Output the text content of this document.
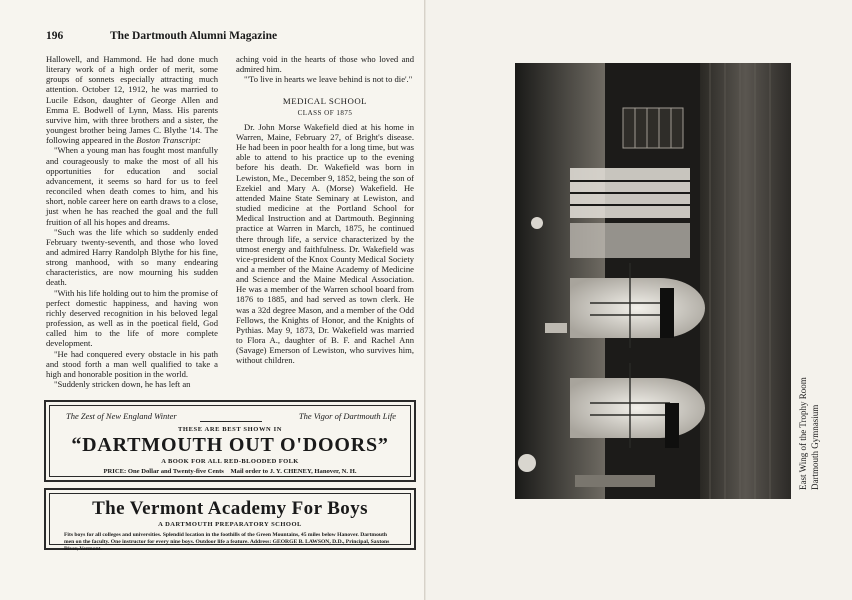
196	The Dartmouth Alumni Magazine

Hallowell, and Hammond. He had done much literary work of a high order of merit, some groups of sonnets especially attracting much attention. October 12, 1912, he was married to Lucile Edson, daughter of George Allen and Emma E. Bodwell of Lynn, Mass. His parents survive him, with three brothers and a sister, the youngest brother being James C. Blythe '14. The following appeared in the Boston Transcript:

"When a young man has fought most manfully and courageously to make the most of all his opportunities for education and social advancement, it seems so hard for us to feel reconciled when death comes to him, and his short, noble career here on earth draws to a close, just when he has reached the goal and the full fruition of all his hopes and dreams.

"Such was the life which so suddenly ended February twenty-seventh, and those who loved and admired Harry Randolph Blythe for his fine, strong manhood, with so many endearing characteristics, are now mourning his sudden death.

"With his life holding out to him the promise of perfect domestic happiness, and having won richly deserved recognition in his beloved legal profession, as well as in the poetical field, God called him to the life of more complete development.

"He had conquered every obstacle in his path and stood forth a man well qualified to take a high and honorable position in the world.

"Suddenly stricken down, he has left an

aching void in the hearts of those who loved and admired him.

"'To live in hearts we leave behind is not to die'."

MEDICAL SCHOOL
CLASS OF 1875

Dr. John Morse Wakefield died at his home in Warren, Maine, February 27, of Bright's disease. He had been in poor health for a long time, but was able to attend to his practice up to the evening before his death. Dr. Wakefield was born in Lewiston, Me., December 9, 1852, being the son of Ezekiel and Mary A. (Morse) Wakefield. He attended Maine State Seminary at Lewiston, and studied medicine at the Portland School for Medical Instruction and at Dartmouth. Beginning practice at Warren in March, 1875, he continued there through life, a service characterized by the utmost energy and faithfulness. Dr. Wakefield was vice-president of the Knox County Medical Society and a member of the Maine Academy of Medicine and Science and the Maine Medical Association. He was a member of the Warren school board from 1876 to 1885, and had served as town clerk. He was a 32d degree Mason, and a member of the Odd Fellows, the Knights of Honor, and the Knights of Pythias. May 9, 1873, Dr. Wakefield was married to Flora A., daughter of B. F. and Rachel Ann (Savage) Emerson of Lewiston, who survives him, without children.

The Zest of New England Winter	The Vigor of Dartmouth Life
THESE ARE BEST SHOWN IN
“DARTMOUTH OUT O'DOORS”
A BOOK FOR ALL RED-BLOODED FOLK
PRICE: One Dollar and Twenty-five Cents Mail order to J. Y. CHENEY, Hanover, N. H.
The Vermont Academy For Boys
A DARTMOUTH PREPARATORY SCHOOL
Fits boys for all colleges and universities. Splendid location in the foothills of the Green Mountains, 45 miles below Hanover. Dartmouth men on the faculty. One instructor for every nine boys. Outdoor life a feature. Address: GEORGE B. LAWSON, D.D., Principal, Saxtons River, Vermont.
East Wing of the Trophy Room Dartmouth Gymnasium
